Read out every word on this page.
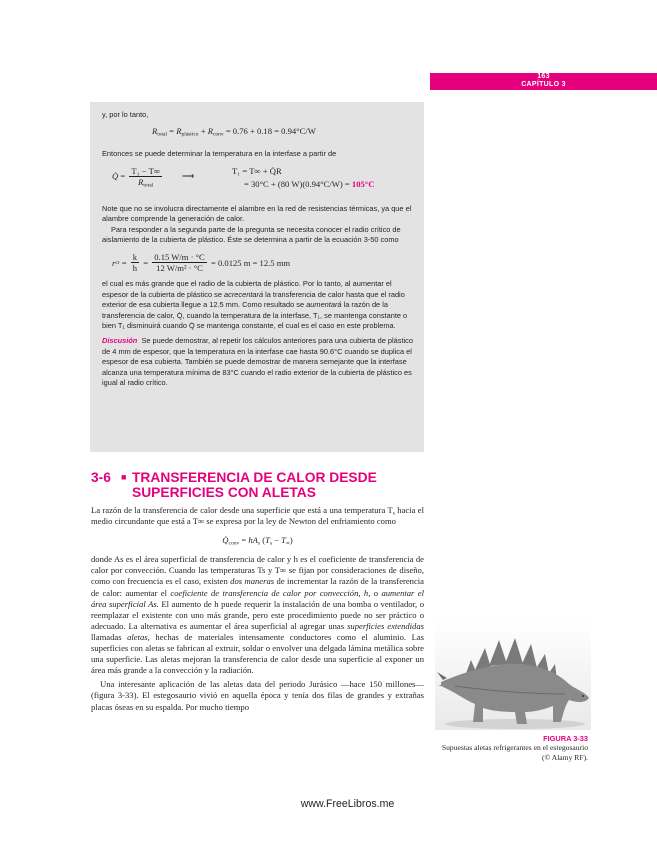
163
CAPÍTULO 3

y, por lo tanto,

$R_{total} = R_{plástico} + R_{conv} = 0.76 + 0.18 = 0.94^\circ C/W$

Entonces se puede determinar la temperatura en la interfase a partir de

Q̇ = $\frac{\text{T₁ − T∞}}{R_{total}}$ ⟶
T₁ = T∞ + Q̇R
= 30°C + (80 W)(0.94°C/W) = 105°C

Note que no se involucra directamente el alambre en la red de resistencias térmicas, ya que el alambre comprende la generación de calor.

Para responder a la segunda parte de la pregunta se necesita conocer el radio crítico de aislamiento de la cubierta de plástico. Éste se determina a partir de la ecuación 3-50 como

r cr = $\frac{k}{h} = \frac{0.15 W/m \cdot ^\circ C}{\text{12 W/m² · °C}}$
= 0.0125 m = 12.5 mm

el cual es más grande que el radio de la cubierta de plástico. Por lo tanto, al aumentar el espesor de la cubierta de plástico se acrecentará la transferencia de calor hasta que el radio exterior de esa cubierta llegue a 12.5 mm. Como resultado se aumentará la razón de la transferencia de calor, Q̇, cuando la temperatura de la interfase, T₁, se mantenga constante o bien T₁ disminuirá cuando Q̇ se mantenga constante, el cual es el caso en este problema.

Discusión Se puede demostrar, al repetir los cálculos anteriores para una cubierta de plástico de 4 mm de espesor, que la temperatura en la interfase cae hasta 90.6°C cuando se duplica el espesor de esa cubierta. También se puede demostrar de manera semejante que la interfase alcanza una temperatura mínima de 83°C cuando el radio exterior de la cubierta de plástico es igual al radio crítico.

3-6 ■ TRANSFERENCIA DE CALOR DESDE
SUPERFICIES CON ALETAS

La razón de la transferencia de calor desde una superficie que está a una temperatura $T_s$ hacia el medio circundante que está a T∞ se expresa por la ley de Newton del enfriamiento como

$Q̇_{conv} = hA_s$ $(T_s - T_\infty)$

donde As es el área superficial de transferencia de calor y h es el coeficiente de transferencia de calor por convección. Cuando las temperaturas Ts y T∞ se fijan por consideraciones de diseño, como con frecuencia es el caso, existen dos maneras de incrementar la razón de la transferencia de calor: aumentar el coeficiente de transferencia de calor por convección, h, o aumentar el área superficial As. El aumento de h puede requerir la instalación de una bomba o ventilador, o reemplazar el existente con uno más grande, pero este procedimiento puede no ser práctico o adecuado. La alternativa es aumentar el área superficial al agregar unas superficies extendidas llamadas aletas, hechas de materiales intensamente conductores como el aluminio. Las superficies con aletas se fabrican al extruir, soldar o envolver una delgada lámina metálica sobre una superficie. Las aletas mejoran la transferencia de calor desde una superficie al exponer un área más grande a la convección y la radiación.

Una interesante aplicación de las aletas data del periodo Jurásico —hace 150 millones— (figura 3-33). El estegosaurio vivió en aquella época y tenía dos filas de grandes y extrañas placas óseas en su espalda. Por mucho tiempo

FIGURA 3-33
Supuestas aletas refrigerantes en el estegosaurio (© Alamy RF).
www.FreeLibros.me
